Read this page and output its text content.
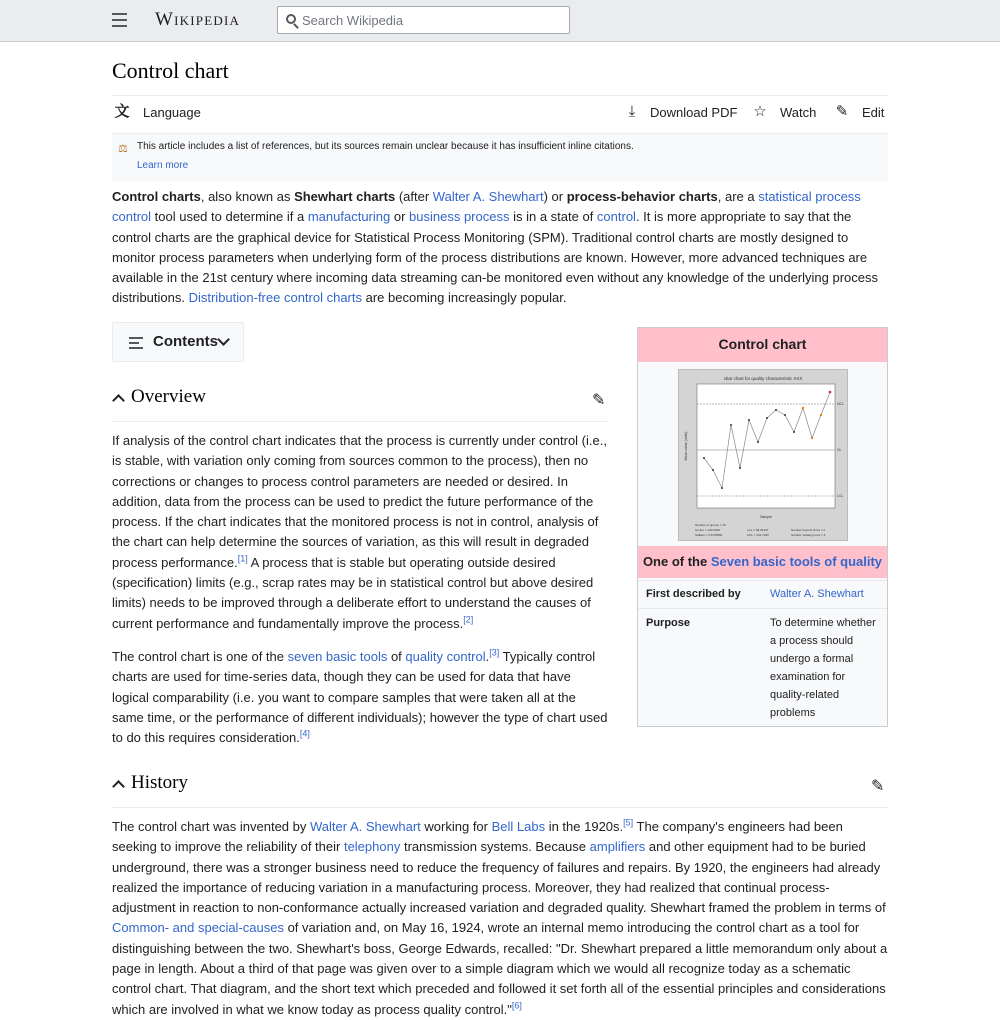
Wikipedia
Search Wikipedia
Control chart
文 Language	⤓	Download PDF ☆ Watch ✎ Edit
⚖ This article includes a list of references, but its sources remain unclear because it has insufficient inline citations.
Learn more
Control charts, also known as Shewhart charts (after Walter A. Shewhart) or process-behavior charts, are a statistical process control tool used to determine if a manufacturing or business process is in a state of control. It is more appropriate to say that the control charts are the graphical device for Statistical Process Monitoring (SPM). Traditional control charts are mostly designed to monitor process parameters when underlying form of the process distributions are known. However, more advanced techniques are available in the 21st century where incoming data streaming can-be monitored even without any knowledge of the underlying process distributions. Distribution-free control charts are becoming increasingly popular.
Contents
Overview	✎
If analysis of the control chart indicates that the process is currently under control (i.e., is stable, with variation only coming from sources common to the process), then no corrections or changes to process control parameters are needed or desired. In addition, data from the process can be used to predict the future performance of the process. If the chart indicates that the monitored process is not in control, analysis of the chart can help determine the sources of variation, as this will result in degraded process performance.[1] A process that is stable but operating outside desired (specification) limits (e.g., scrap rates may be in statistical control but above desired limits) needs to be improved through a deliberate effort to understand the causes of current performance and fundamentally improve the process.[2]
The control chart is one of the seven basic tools of quality control.[3] Typically control charts are used for time-series data, though they can be used for data that have logical comparability (i.e. you want to compare samples that were taken all at the same time, or the performance of different individuals); however the type of chart used to do this requires consideration.[4]
Control chart
xbar chart for quality characteristic XXX
UCL
CL
LCL
Mean value (units)
Sample
Number of groups = 15
Center = 100.0256
StdDev = 0.9725584
LCL = 98.35107
UCL = 101.7202
Number beyond limits = 2
Number violating runs = 3
One of the Seven basic tools of quality
First described by	Walter A. Shewhart
Purpose	To determine whether a process should undergo a formal examination for quality-related problems
History	✎
The control chart was invented by Walter A. Shewhart working for Bell Labs in the 1920s.[5] The company's engineers had been seeking to improve the reliability of their telephony transmission systems. Because amplifiers and other equipment had to be buried underground, there was a stronger business need to reduce the frequency of failures and repairs. By 1920, the engineers had already realized the importance of reducing variation in a manufacturing process. Moreover, they had realized that continual process-adjustment in reaction to non-conformance actually increased variation and degraded quality. Shewhart framed the problem in terms of Common- and special-causes of variation and, on May 16, 1924, wrote an internal memo introducing the control chart as a tool for distinguishing between the two. Shewhart's boss, George Edwards, recalled: "Dr. Shewhart prepared a little memorandum only about a page in length. About a third of that page was given over to a simple diagram which we would all recognize today as a schematic control chart. That diagram, and the short text which preceded and followed it set forth all of the essential principles and considerations which are involved in what we know today as process quality control."[6]
